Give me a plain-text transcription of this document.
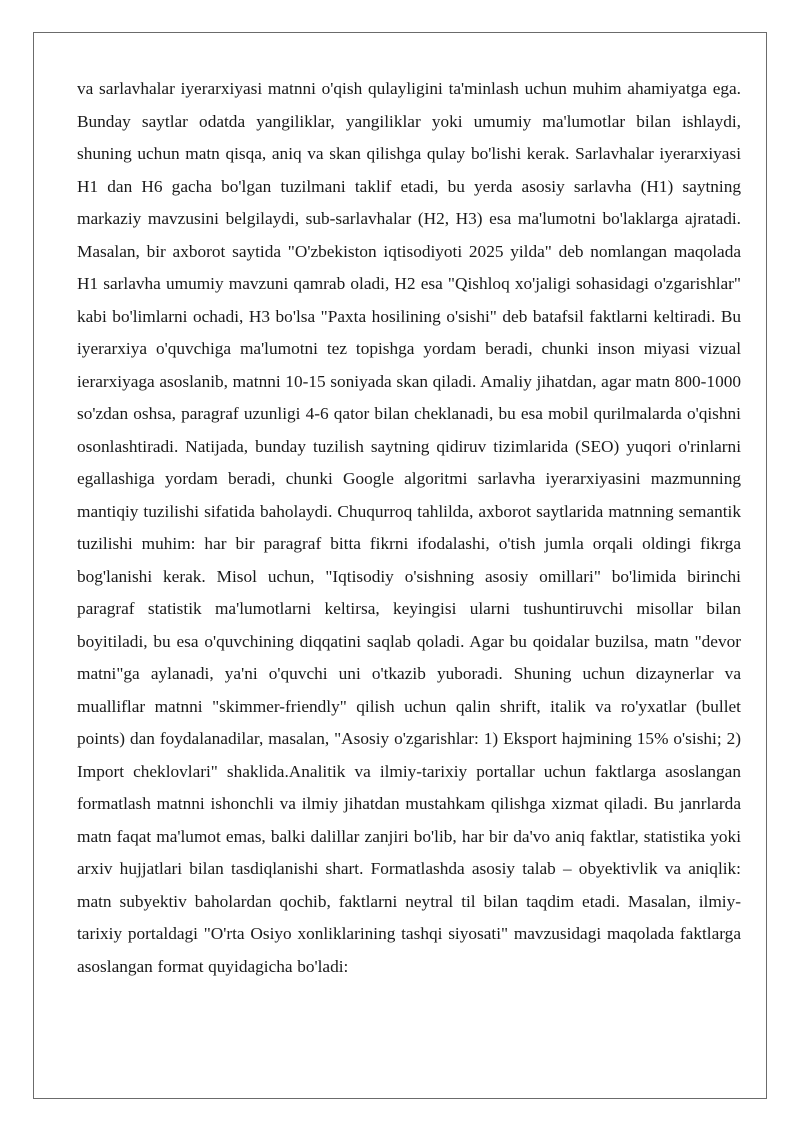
va sarlavhalar iyerarxiyasi matnni o'qish qulayligini ta'minlash uchun muhim ahamiyatga ega. Bunday saytlar odatda yangiliklar, yangiliklar yoki umumiy ma'lumotlar bilan ishlaydi, shuning uchun matn qisqa, aniq va skan qilishga qulay bo'lishi kerak. Sarlavhalar iyerarxiyasi H1 dan H6 gacha bo'lgan tuzilmani taklif etadi, bu yerda asosiy sarlavha (H1) saytning markaziy mavzusini belgilaydi, sub-sarlavhalar (H2, H3) esa ma'lumotni bo'laklarga ajratadi. Masalan, bir axborot saytida "O'zbekiston iqtisodiyoti 2025 yilda" deb nomlangan maqolada H1 sarlavha umumiy mavzuni qamrab oladi, H2 esa "Qishloq xo'jaligi sohasidagi o'zgarishlar" kabi bo'limlarni ochadi, H3 bo'lsa "Paxta hosilining o'sishi" deb batafsil faktlarni keltiradi. Bu iyerarxiya o'quvchiga ma'lumotni tez topishga yordam beradi, chunki inson miyasi vizual ierarxiyaga asoslanib, matnni 10-15 soniyada skan qiladi. Amaliy jihatdan, agar matn 800-1000 so'zdan oshsa, paragraf uzunligi 4-6 qator bilan cheklanadi, bu esa mobil qurilmalarda o'qishni osonlashtiradi. Natijada, bunday tuzilish saytning qidiruv tizimlarida (SEO) yuqori o'rinlarni egallashiga yordam beradi, chunki Google algoritmi sarlavha iyerarxiyasini mazmunning mantiqiy tuzilishi sifatida baholaydi. Chuqurroq tahlilda, axborot saytlarida matnning semantik tuzilishi muhim: har bir paragraf bitta fikrni ifodalashi, o'tish jumla orqali oldingi fikrga bog'lanishi kerak. Misol uchun, "Iqtisodiy o'sishning asosiy omillari" bo'limida birinchi paragraf statistik ma'lumotlarni keltirsa, keyingisi ularni tushuntiruvchi misollar bilan boyitiladi, bu esa o'quvchining diqqatini saqlab qoladi. Agar bu qoidalar buzilsa, matn "devor matni"ga aylanadi, ya'ni o'quvchi uni o'tkazib yuboradi. Shuning uchun dizaynerlar va mualliflar matnni "skimmer-friendly" qilish uchun qalin shrift, italik va ro'yxatlar (bullet points) dan foydalanadilar, masalan, "Asosiy o'zgarishlar: 1) Eksport hajmining 15% o'sishi; 2) Import cheklovlari" shaklida.Analitik va ilmiy-tarixiy portallar uchun faktlarga asoslangan formatlash matnni ishonchli va ilmiy jihatdan mustahkam qilishga xizmat qiladi. Bu janrlarda matn faqat ma'lumot emas, balki dalillar zanjiri bo'lib, har bir da'vo aniq faktlar, statistika yoki arxiv hujjatlari bilan tasdiqlanishi shart. Formatlashda asosiy talab – obyektivlik va aniqlik: matn subyektiv baholardan qochib, faktlarni neytral til bilan taqdim etadi. Masalan, ilmiy-tarixiy portaldagi "O'rta Osiyo xonliklarining tashqi siyosati" mavzusidagi maqolada faktlarga asoslangan format quyidagicha bo'ladi:
